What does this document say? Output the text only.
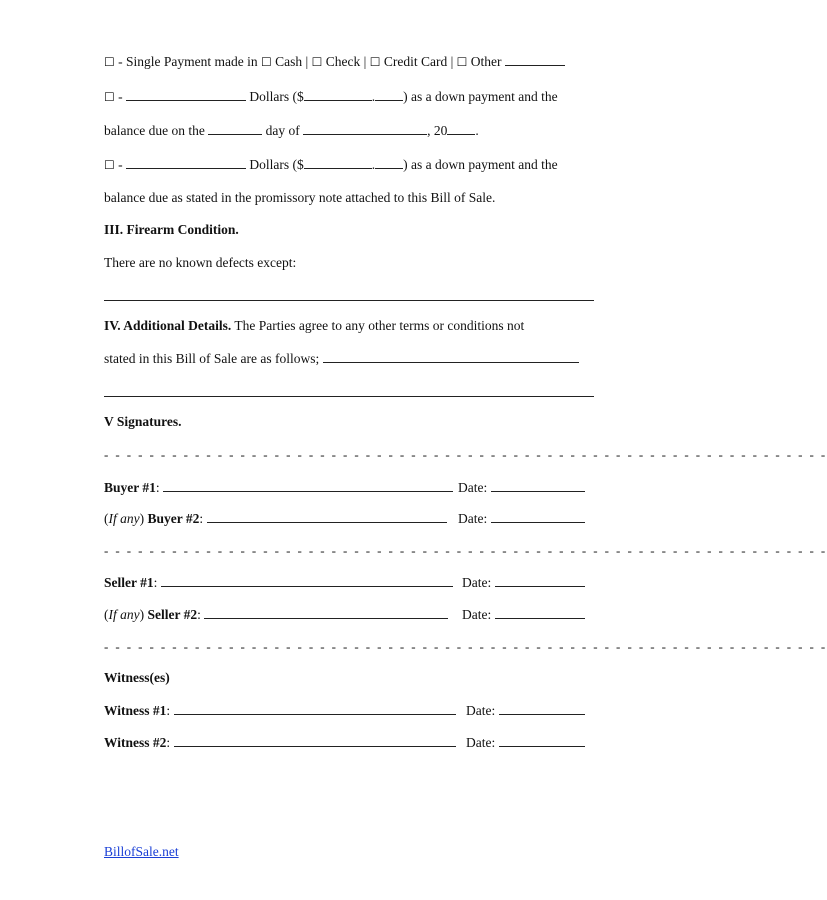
☐ - Single Payment made in ☐ Cash | ☐ Check | ☐ Credit Card | ☐ Other
☐ -	Dollars ($	. ) as a down payment and the
balance due on the	day of	, 20 .
☐ -	Dollars ($	. ) as a down payment and the
balance due as stated in the promissory note attached to this Bill of Sale.
III. Firearm Condition.
There are no known defects except:
IV. Additional Details. The Parties agree to any other terms or conditions not
stated in this Bill of Sale are as follows;
V Signatures.
- - - - - - - - - - - - - - - - - - - - - - - - - - - - - - - - - - - - - - - - - - - - - - - - - - - - - - - - - - - - - - - -
Buyer #1:	Date:
(If any) Buyer #2:	Date:
- - - - - - - - - - - - - - - - - - - - - - - - - - - - - - - - - - - - - - - - - - - - - - - - - - - - - - - - - - - - - - - -
Seller #1:	Date:
(If any) Seller #2:	Date:
- - - - - - - - - - - - - - - - - - - - - - - - - - - - - - - - - - - - - - - - - - - - - - - - - - - - - - - - - - - - - - - -
Witness(es)
Witness #1:	Date:
Witness #2:	Date:
BillofSale.net
